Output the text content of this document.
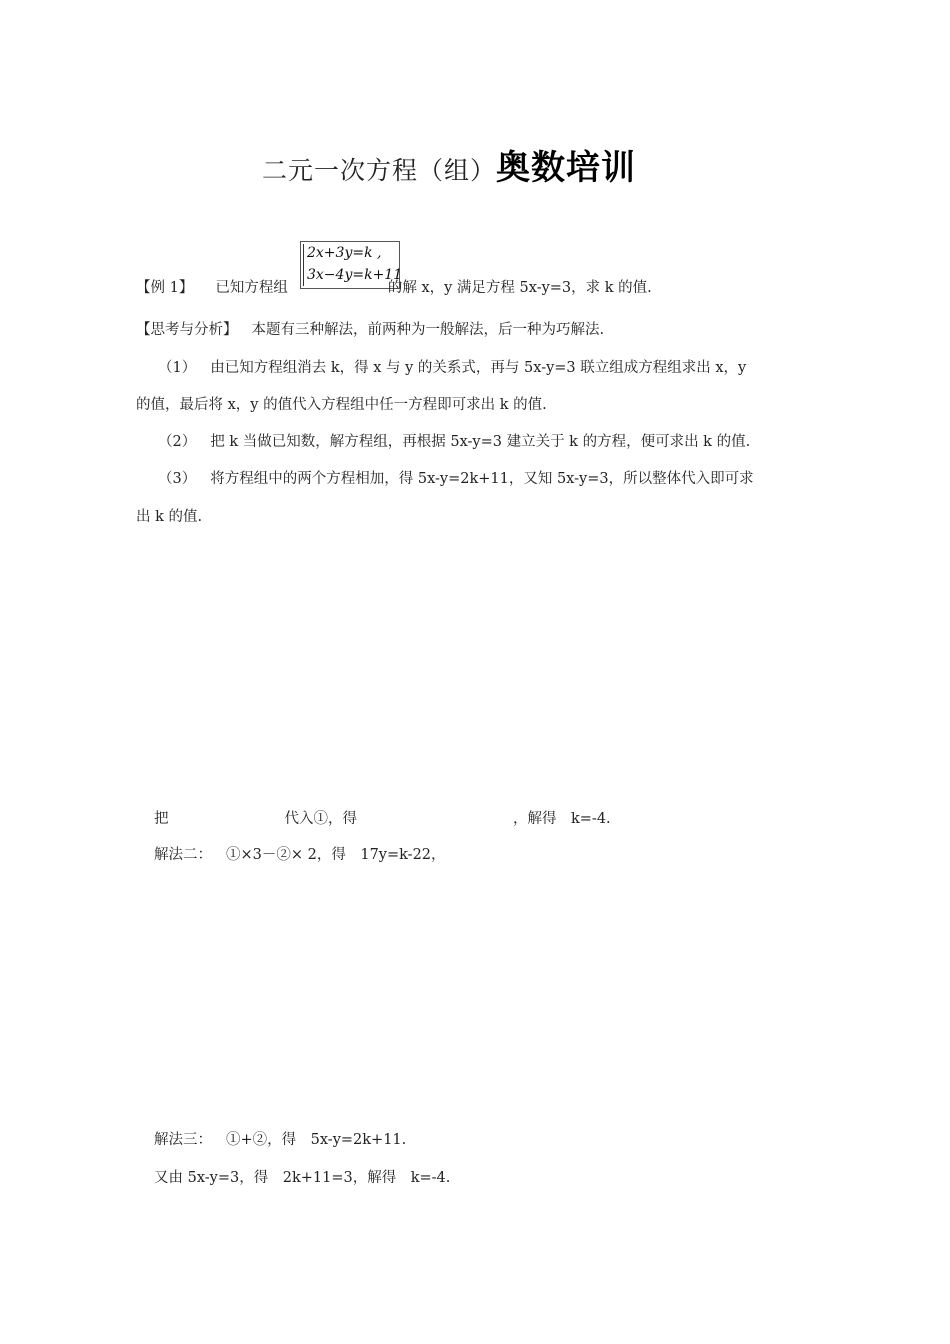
二元一次方程（组）奥数培训
2x+3y=k ,
3x−4y=k+11
【例 1】 已知方程组	的解 x，y 满足方程 5x-y=3，求 k 的值.
【思考与分析】 本题有三种解法，前两种为一般解法，后一种为巧解法.
（1） 由已知方程组消去 k，得 x 与 y 的关系式，再与 5x-y=3 联立组成方程组求出 x，y
的值，最后将 x，y 的值代入方程组中任一方程即可求出 k 的值.
（2） 把 k 当做已知数，解方程组，再根据 5x-y=3 建立关于 k 的方程，便可求出 k 的值.
（3） 将方程组中的两个方程相加，得 5x-y=2k+11，又知 5x-y=3，所以整体代入即可求
出 k 的值.
把	代入①，得	，解得　k=-4.
解法二： ①×3－②× 2，得　17y=k-22，
解法三： ①+②，得　5x-y=2k+11.
又由 5x-y=3，得　2k+11=3，解得　k=-4.
